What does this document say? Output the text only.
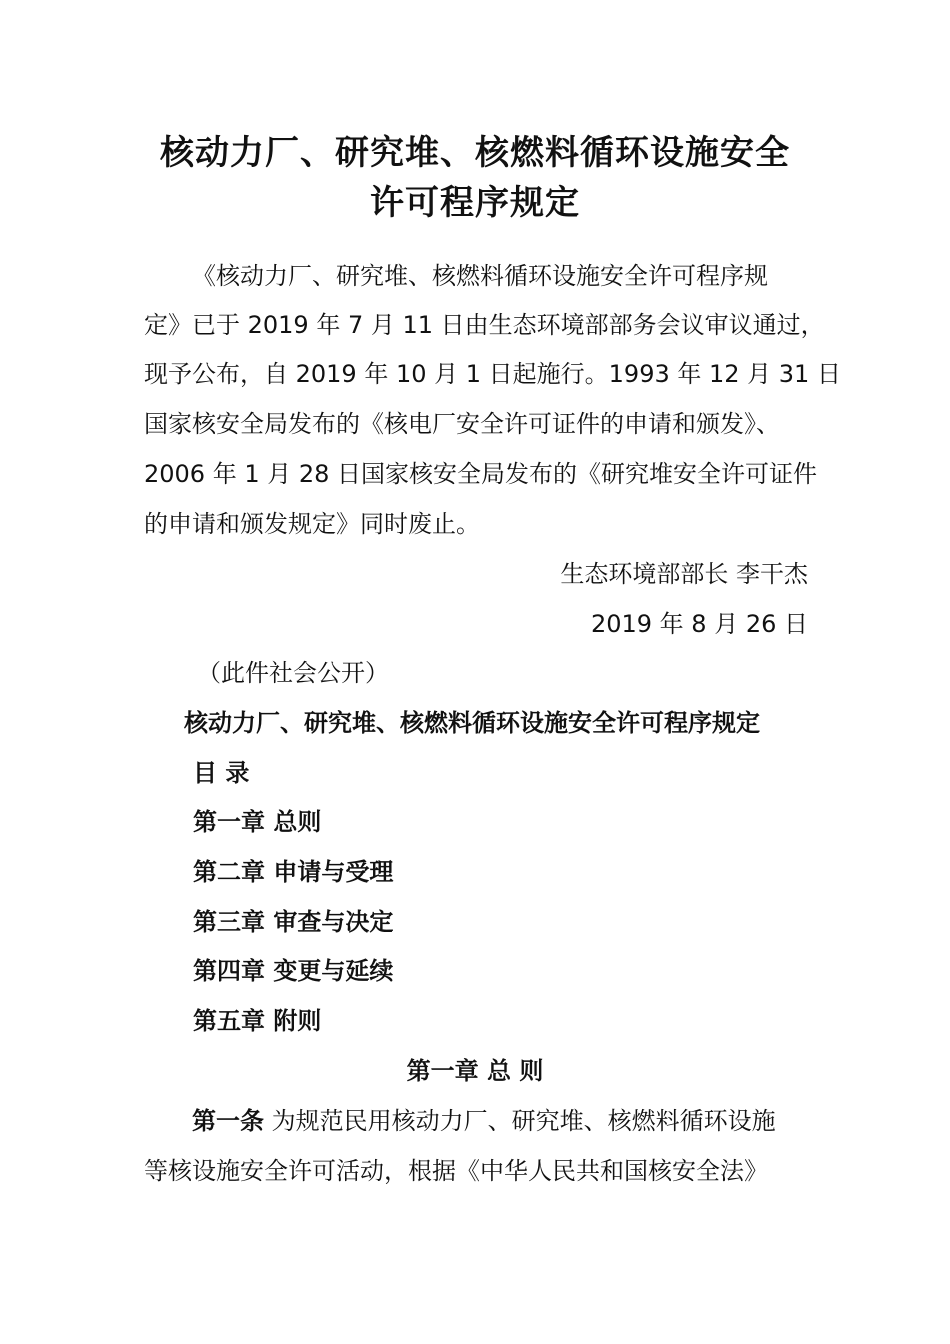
核动力厂、研究堆、核燃料循环设施安全
许可程序规定
《核动力厂、研究堆、核燃料循环设施安全许可程序规
定》已于 2019 年 7 月 11 日由生态环境部部务会议审议通过，
现予公布，自 2019 年 10 月 1 日起施行。1993 年 12 月 31 日
国家核安全局发布的《核电厂安全许可证件的申请和颁发》、
2006 年 1 月 28 日国家核安全局发布的《研究堆安全许可证件
的申请和颁发规定》同时废止。
生态环境部部长 李干杰
2019 年 8 月 26 日
（此件社会公开）
核动力厂、研究堆、核燃料循环设施安全许可程序规定
目 录
第一章 总则
第二章 申请与受理
第三章 审查与决定
第四章 变更与延续
第五章 附则
第一章 总 则
第一条 为规范民用核动力厂、研究堆、核燃料循环设施
等核设施安全许可活动，根据《中华人民共和国核安全法》
